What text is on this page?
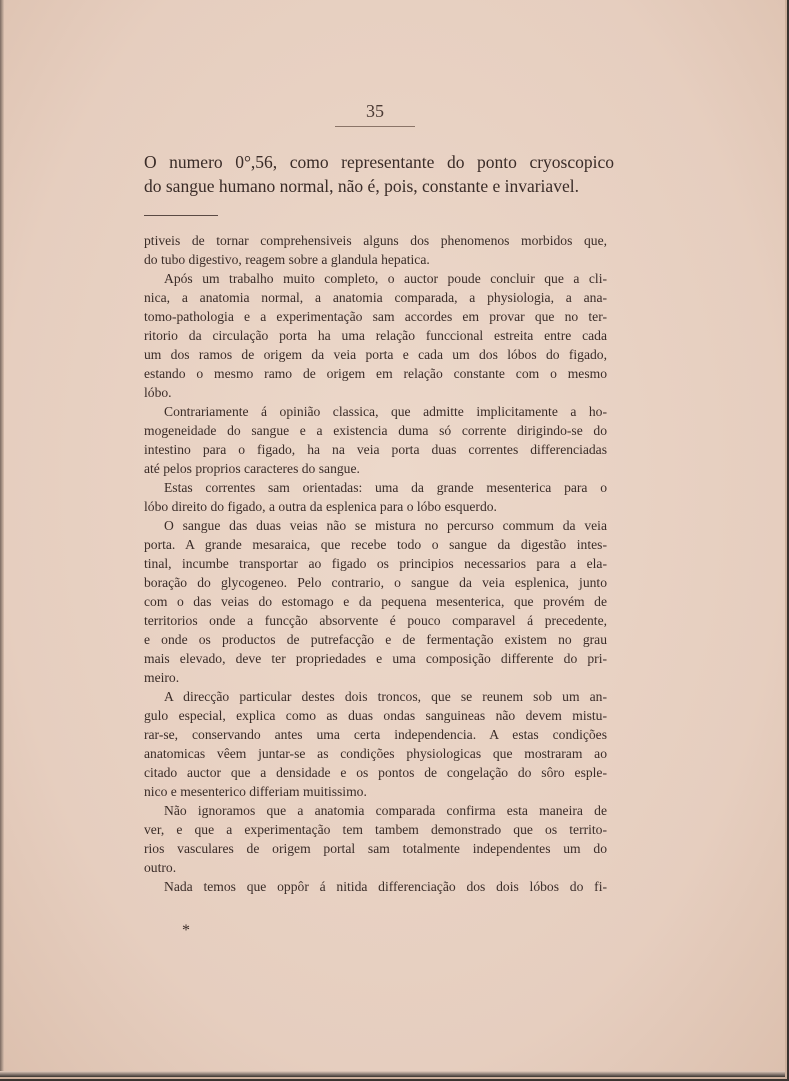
35

O numero 0°,56, como representante do ponto cryoscopico

do sangue humano normal, não é, pois, constante e invariavel.

ptiveis de tornar comprehensiveis alguns dos phenomenos morbidos que,
do tubo digestivo, reagem sobre a glandula hepatica.
Após um trabalho muito completo, o auctor poude concluir que a cli-
nica, a anatomia normal, a anatomia comparada, a physiologia, a ana-
tomo-pathologia e a experimentação sam accordes em provar que no ter-
ritorio da circulação porta ha uma relação funccional estreita entre cada
um dos ramos de origem da veia porta e cada um dos lóbos do figado,
estando o mesmo ramo de origem em relação constante com o mesmo
lóbo.
Contrariamente á opinião classica, que admitte implicitamente a ho-
mogeneidade do sangue e a existencia duma só corrente dirigindo-se do
intestino para o figado, ha na veia porta duas correntes differenciadas
até pelos proprios caracteres do sangue.
Estas correntes sam orientadas: uma da grande mesenterica para o
lóbo direito do figado, a outra da esplenica para o lóbo esquerdo.
O sangue das duas veias não se mistura no percurso commum da veia
porta. A grande mesaraica, que recebe todo o sangue da digestão intes-
tinal, incumbe transportar ao figado os principios necessarios para a ela-
boração do glycogeneo. Pelo contrario, o sangue da veia esplenica, junto
com o das veias do estomago e da pequena mesenterica, que provém de
territorios onde a funcção absorvente é pouco comparavel á precedente,
e onde os productos de putrefacção e de fermentação existem no grau
mais elevado, deve ter propriedades e uma composição differente do pri-
meiro.
A direcção particular destes dois troncos, que se reunem sob um an-
gulo especial, explica como as duas ondas sanguineas não devem mistu-
rar-se, conservando antes uma certa independencia. A estas condições
anatomicas vêem juntar-se as condições physiologicas que mostraram ao
citado auctor que a densidade e os pontos de congelação do sôro esple-
nico e mesenterico differiam muitissimo.
Não ignoramos que a anatomia comparada confirma esta maneira de
ver, e que a experimentação tem tambem demonstrado que os territo-
rios vasculares de origem portal sam totalmente independentes um do
outro.
Nada temos que oppôr á nitida differenciação dos dois lóbos do fi-
*
